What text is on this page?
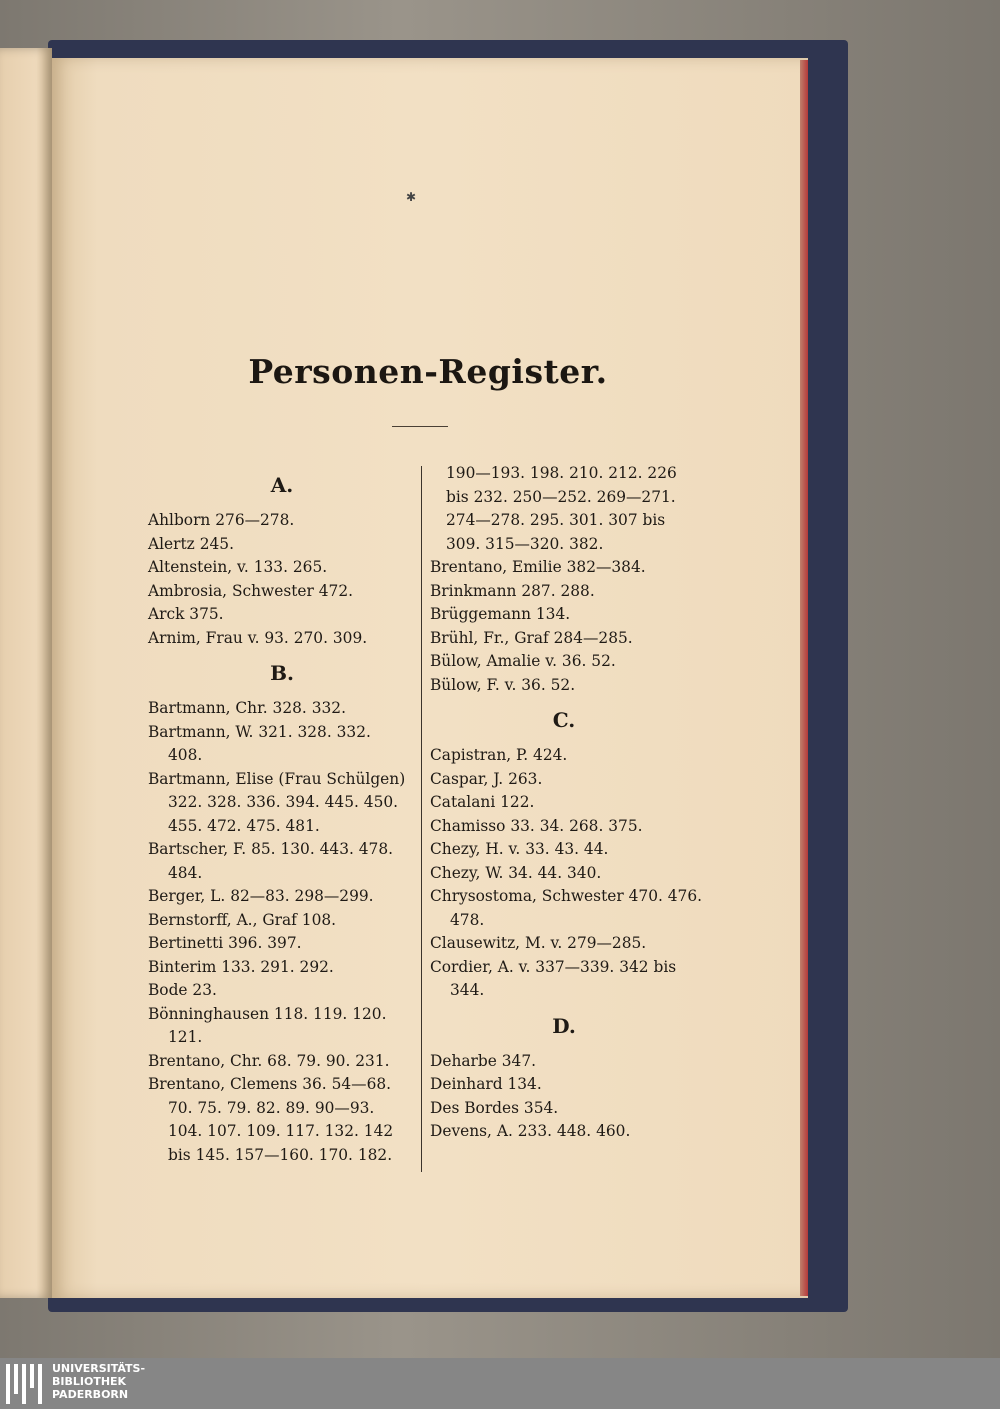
✱
Personen-Register.
A.
Ahlborn 276—278.
Alertz 245.
Altenstein, v. 133. 265.
Ambrosia, Schwester 472.
Arck 375.
Arnim, Frau v. 93. 270. 309.
B.
Bartmann, Chr. 328. 332.
Bartmann, W. 321. 328. 332.
408.
Bartmann, Elise (Frau Schülgen)
322. 328. 336. 394. 445. 450.
455. 472. 475. 481.
Bartscher, F. 85. 130. 443. 478.
484.
Berger, L. 82—83. 298—299.
Bernstorff, A., Graf 108.
Bertinetti 396. 397.
Binterim 133. 291. 292.
Bode 23.
Bönninghausen 118. 119. 120.
121.
Brentano, Chr. 68. 79. 90. 231.
Brentano, Clemens 36. 54—68.
70. 75. 79. 82. 89. 90—93.
104. 107. 109. 117. 132. 142
bis 145. 157—160. 170. 182.
190—193. 198. 210. 212. 226
bis 232. 250—252. 269—271.
274—278. 295. 301. 307 bis
309. 315—320. 382.
Brentano, Emilie 382—384.
Brinkmann 287. 288.
Brüggemann 134.
Brühl, Fr., Graf 284—285.
Bülow, Amalie v. 36. 52.
Bülow, F. v. 36. 52.
C.
Capistran, P. 424.
Caspar, J. 263.
Catalani 122.
Chamisso 33. 34. 268. 375.
Chezy, H. v. 33. 43. 44.
Chezy, W. 34. 44. 340.
Chrysostoma, Schwester 470. 476.
478.
Clausewitz, M. v. 279—285.
Cordier, A. v. 337—339. 342 bis
344.
D.
Deharbe 347.
Deinhard 134.
Des Bordes 354.
Devens, A. 233. 448. 460.
UNIVERSITÄTS-
BIBLIOTHEK
PADERBORN
